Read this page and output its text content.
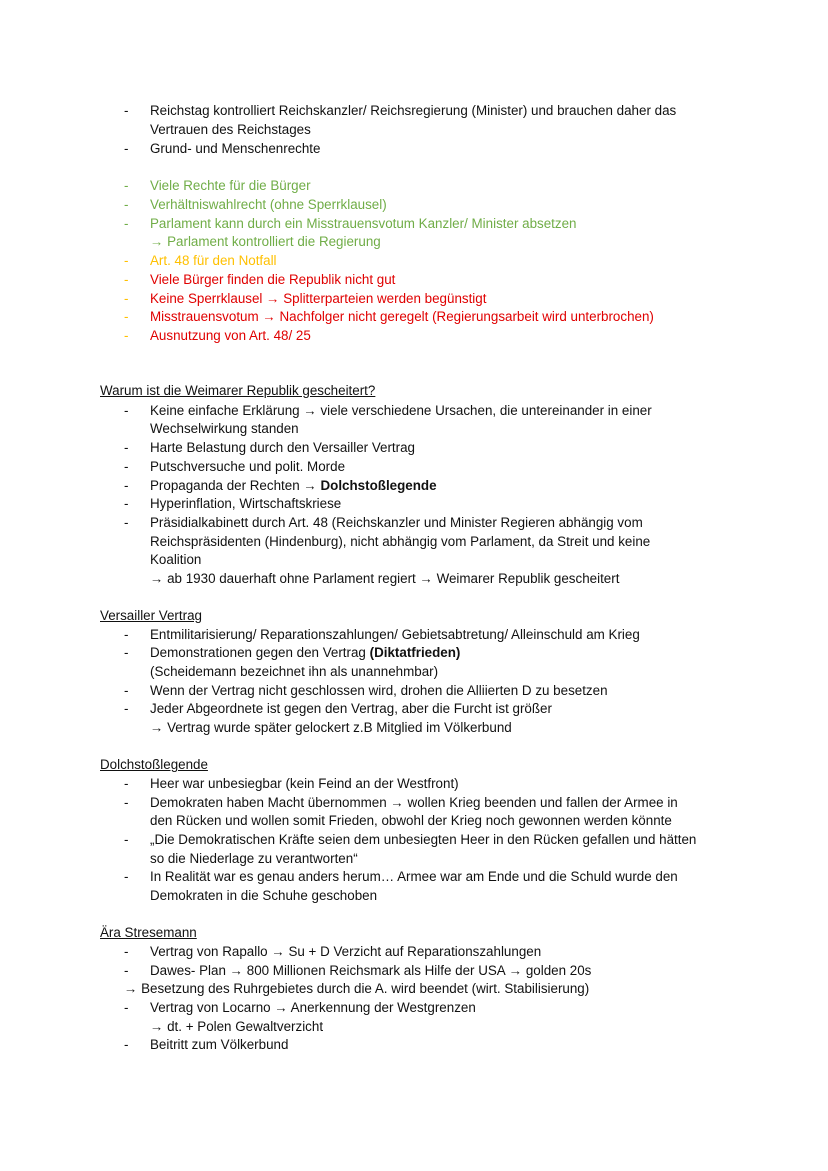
- Reichstag kontrolliert Reichskanzler/ Reichsregierung (Minister) und brauchen daher das
Vertrauen des Reichstages
- Grund- und Menschenrechte
- Viele Rechte für die Bürger
- Verhältniswahlrecht (ohne Sperrklausel)
- Parlament kann durch ein Misstrauensvotum Kanzler/ Minister absetzen
→ Parlament kontrolliert die Regierung
- Art. 48 für den Notfall
- Viele Bürger finden die Republik nicht gut
- Keine Sperrklausel → Splitterparteien werden begünstigt
- Misstrauensvotum → Nachfolger nicht geregelt (Regierungsarbeit wird unterbrochen)
- Ausnutzung von Art. 48/ 25
Warum ist die Weimarer Republik gescheitert?
- Keine einfache Erklärung → viele verschiedene Ursachen, die untereinander in einer
Wechselwirkung standen
- Harte Belastung durch den Versailler Vertrag
- Putschversuche und polit. Morde
- Propaganda der Rechten → Dolchstoßlegende
- Hyperinflation, Wirtschaftskriese
- Präsidialkabinett durch Art. 48 (Reichskanzler und Minister Regieren abhängig vom
Reichspräsidenten (Hindenburg), nicht abhängig vom Parlament, da Streit und keine
Koalition
→ ab 1930 dauerhaft ohne Parlament regiert → Weimarer Republik gescheitert
Versailler Vertrag
- Entmilitarisierung/ Reparationszahlungen/ Gebietsabtretung/ Alleinschuld am Krieg
- Demonstrationen gegen den Vertrag (Diktatfrieden)
(Scheidemann bezeichnet ihn als unannehmbar)
- Wenn der Vertrag nicht geschlossen wird, drohen die Alliierten D zu besetzen
- Jeder Abgeordnete ist gegen den Vertrag, aber die Furcht ist größer
→ Vertrag wurde später gelockert z.B Mitglied im Völkerbund
Dolchstoßlegende
- Heer war unbesiegbar (kein Feind an der Westfront)
- Demokraten haben Macht übernommen → wollen Krieg beenden und fallen der Armee in
den Rücken und wollen somit Frieden, obwohl der Krieg noch gewonnen werden könnte
- „Die Demokratischen Kräfte seien dem unbesiegten Heer in den Rücken gefallen und hätten
so die Niederlage zu verantworten“
- In Realität war es genau anders herum… Armee war am Ende und die Schuld wurde den
Demokraten in die Schuhe geschoben
Ära Stresemann
- Vertrag von Rapallo → Su + D Verzicht auf Reparationszahlungen
- Dawes- Plan → 800 Millionen Reichsmark als Hilfe der USA → golden 20s
→ Besetzung des Ruhrgebietes durch die A. wird beendet (wirt. Stabilisierung)
- Vertrag von Locarno → Anerkennung der Westgrenzen
→ dt. + Polen Gewaltverzicht
- Beitritt zum Völkerbund
